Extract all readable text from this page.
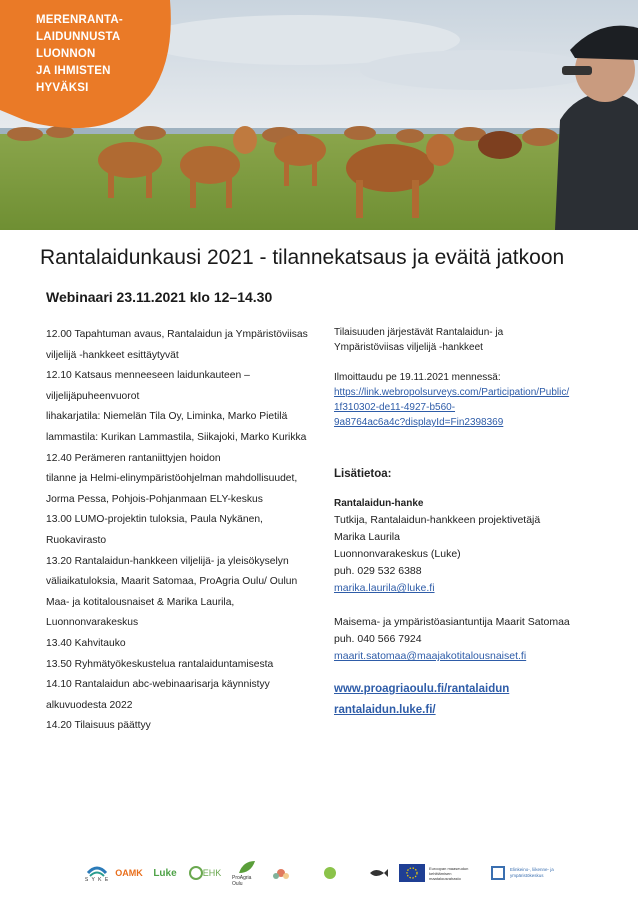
MERENRANTA-
LAIDUNNUSTA LUONNON
JA IHMISTEN HYVÄKSI
Rantalaidunkausi 2021 - tilannekatsaus ja eväitä jatkoon
Webinaari 23.11.2021 klo 12–14.30
12.00 Tapahtuman avaus, Rantalaidun ja Ympäristöviisas
viljelijä -hankkeet esittäytyvät
12.10 Katsaus menneeseen laidunkauteen –
viljelijäpuheenvuorot
lihakarjatila: Niemelän Tila Oy, Liminka, Marko Pietilä
lammastila: Kurikan Lammastila, Siikajoki, Marko Kurikka
12.40 Perämeren rantaniittyjen hoidon
tilanne ja Helmi-elinympäristöohjelman mahdollisuudet,
Jorma Pessa, Pohjois-Pohjanmaan ELY-keskus
13.00 LUMO-projektin tuloksia, Paula Nykänen,
Ruokavirasto
13.20 Rantalaidun-hankkeen viljelijä- ja yleisökyselyn
väliaikatuloksia, Maarit Satomaa, ProAgria Oulu/ Oulun
Maa- ja kotitalousnaiset & Marika Laurila,
Luonnonvarakeskus
13.40 Kahvitauko
13.50 Ryhmätyökeskustelua rantalaiduntamisesta
14.10 Rantalaidun abc-webinaarisarja käynnistyy
alkuvuodesta 2022
14.20 Tilaisuus päättyy
Tilaisuuden järjestävät Rantalaidun- ja
Ympäristöviisas viljelijä -hankkeet
Ilmoittaudu pe 19.11.2021 mennessä:
https://link.webropolsurveys.com/Participation/Public/
1f310302-de11-4927-b560-
9a8764ac6a4c?displayId=Fin2398369
Lisätietoa:
Rantalaidun-hanke
Tutkija, Rantalaidun-hankkeen projektivetäjä
Marika Laurila
Luonnonvarakeskus (Luke)
puh. 029 532 6388
marika.laurila@luke.fi
Maisema- ja ympäristöasiantuntija Maarit Satomaa
puh. 040 566 7924
maarit.satomaa@maajakotitalousnaiset.fi
www.proagriaoulu.fi/rantalaidun
rantalaidun.luke.fi/
S Y K E
OAMK Luke	EHK ProAgria Oulu
Euroopan maaseudun kehittämisen maatalousrahasto
Elinkeino-, liikenne- ja ympäristökeskus
